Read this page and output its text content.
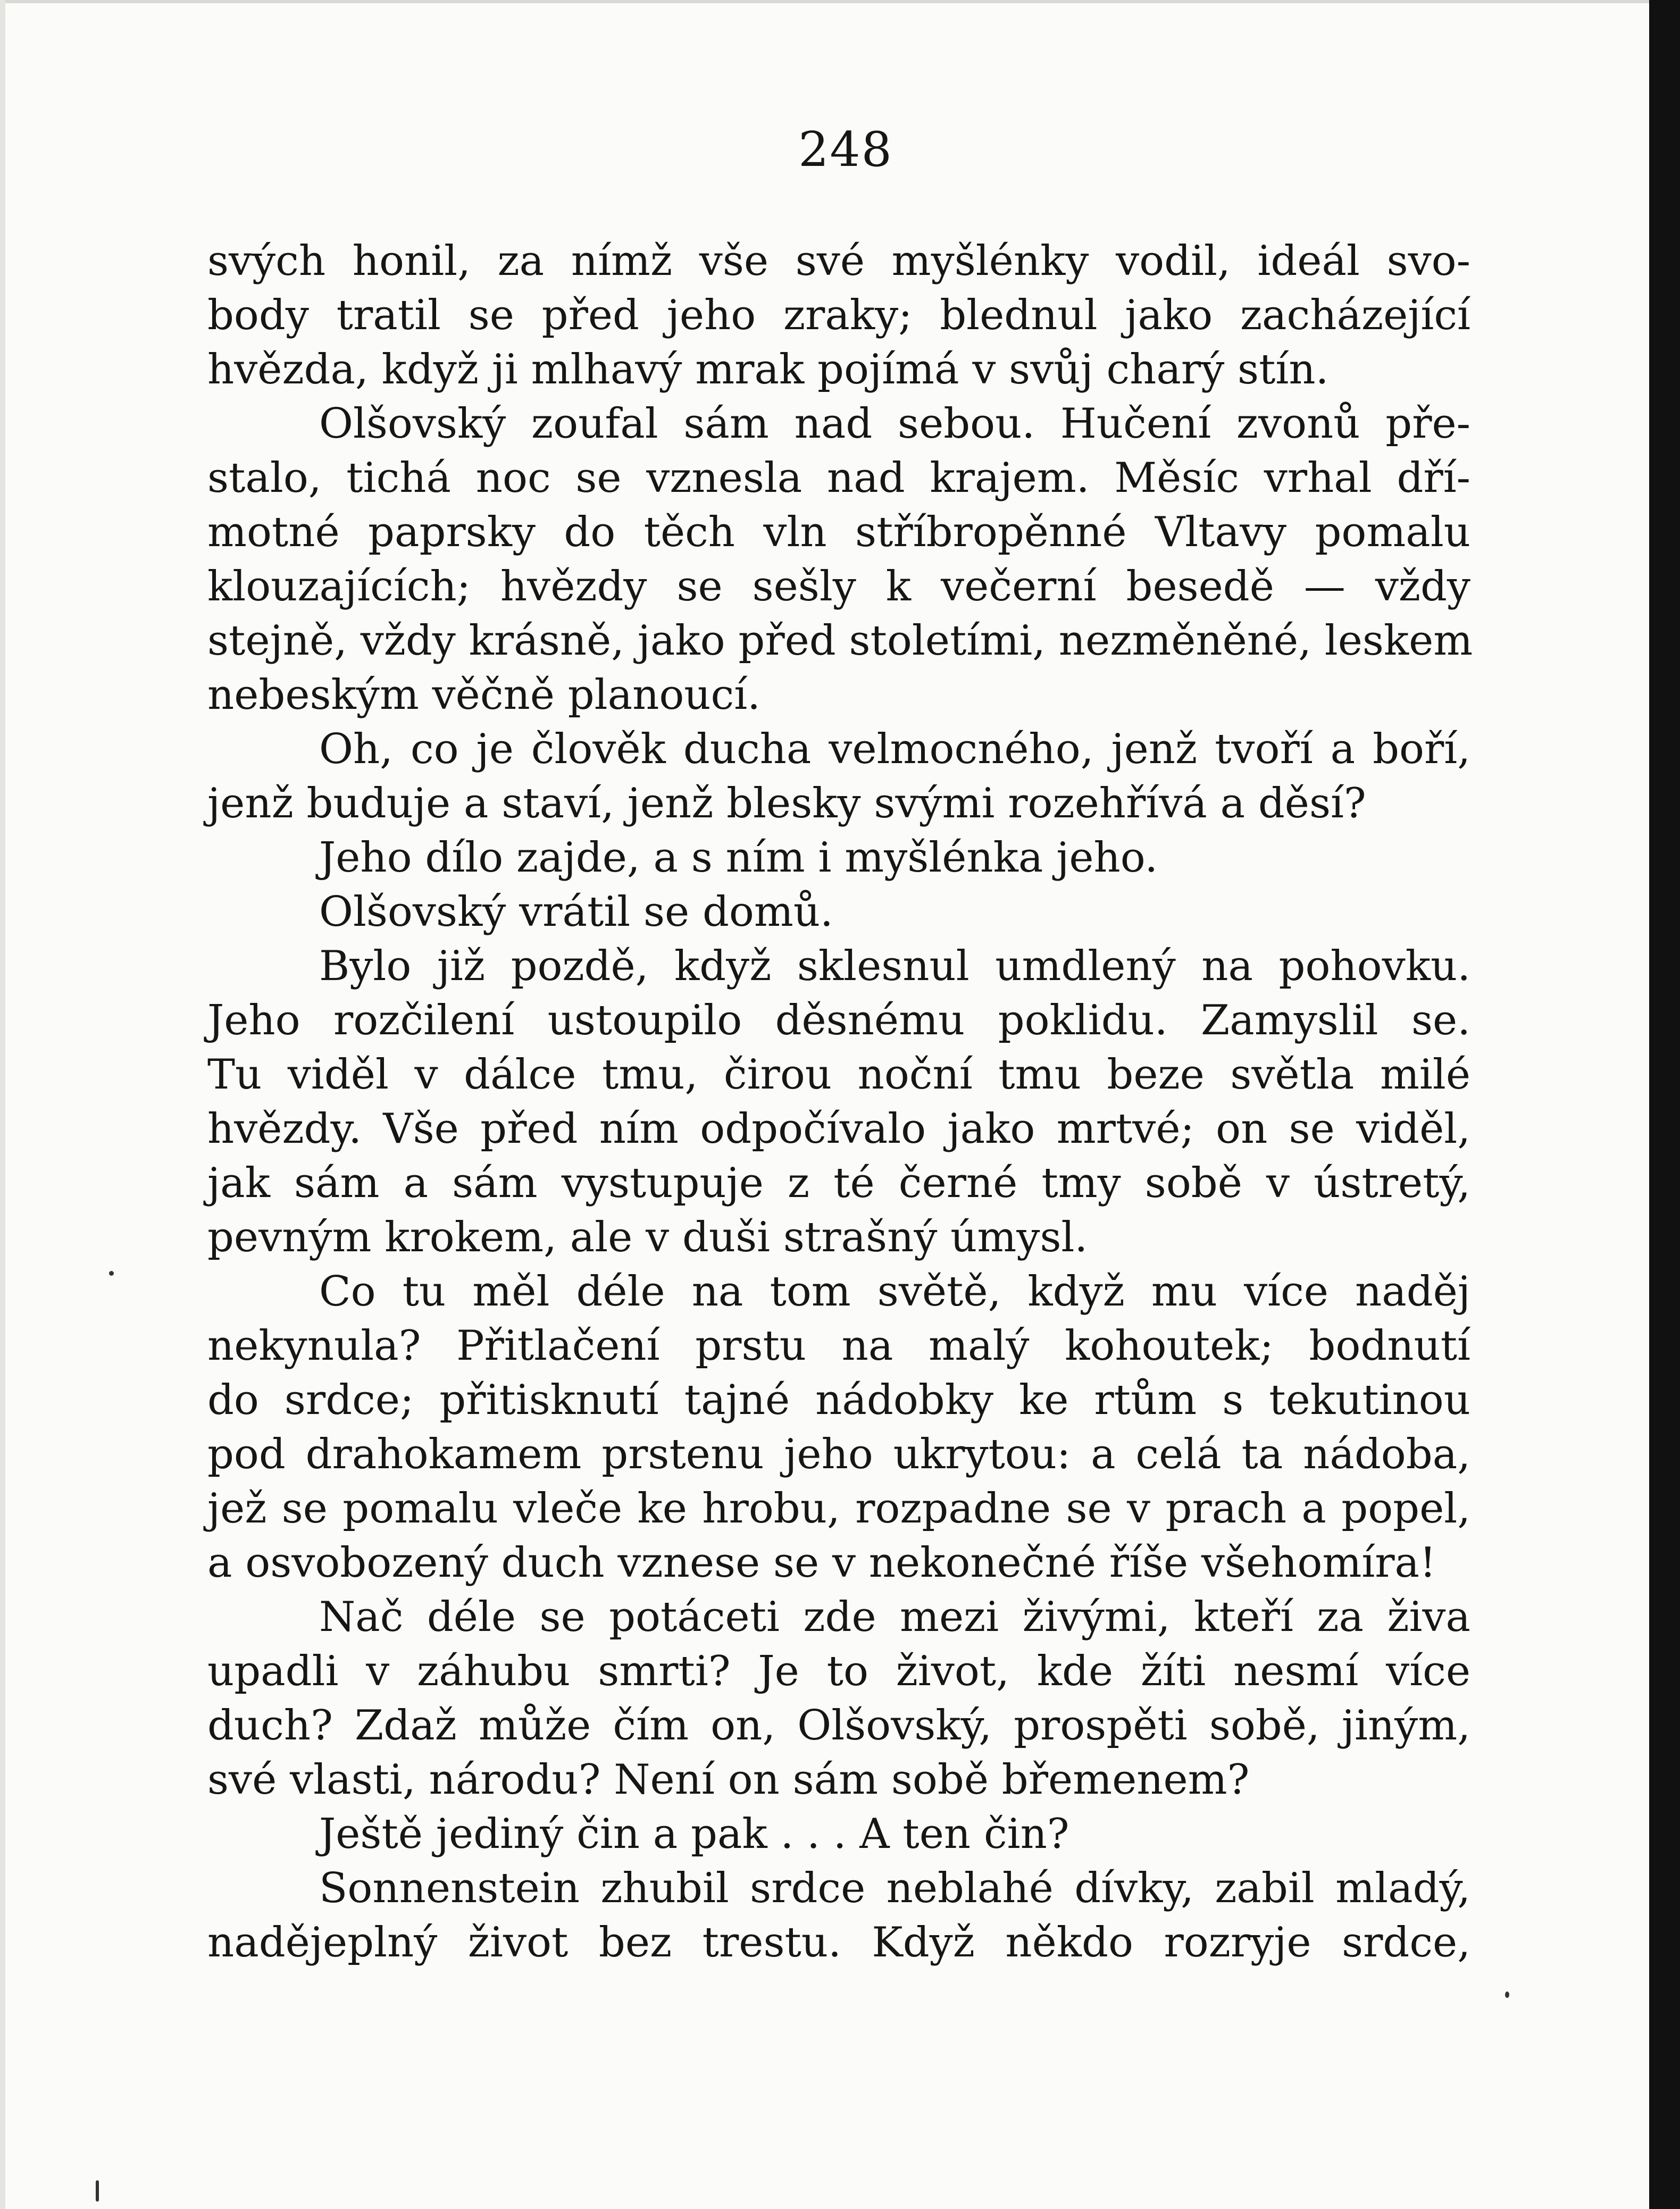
248
svých honil, za nímž vše své myšlénky vodil, ideál svo-
body tratil se před jeho zraky; blednul jako zacházející
hvězda, když ji mlhavý mrak pojímá v svůj charý stín.
Olšovský zoufal sám nad sebou. Hučení zvonů pře-
stalo, tichá noc se vznesla nad krajem. Měsíc vrhal dří-
motné paprsky do těch vln stříbropěnné Vltavy pomalu
klouzajících; hvězdy se sešly k večerní besedě — vždy
stejně, vždy krásně, jako před stoletími, nezměněné, leskem
nebeským věčně planoucí.
Oh, co je člověk ducha velmocného, jenž tvoří a boří,
jenž buduje a staví, jenž blesky svými rozehřívá a děsí?
Jeho dílo zajde, a s ním i myšlénka jeho.
Olšovský vrátil se domů.
Bylo již pozdě, když sklesnul umdlený na pohovku.
Jeho rozčilení ustoupilo děsnému poklidu. Zamyslil se.
Tu viděl v dálce tmu, čirou noční tmu beze světla milé
hvězdy. Vše před ním odpočívalo jako mrtvé; on se viděl,
jak sám a sám vystupuje z té černé tmy sobě v ústretý,
pevným krokem, ale v duši strašný úmysl.
Co tu měl déle na tom světě, když mu více naděj
nekynula? Přitlačení prstu na malý kohoutek; bodnutí
do srdce; přitisknutí tajné nádobky ke rtům s tekutinou
pod drahokamem prstenu jeho ukrytou: a celá ta nádoba,
jež se pomalu vleče ke hrobu, rozpadne se v prach a popel,
a osvobozený duch vznese se v nekonečné říše všehomíra!
Nač déle se potáceti zde mezi živými, kteří za živa
upadli v záhubu smrti? Je to život, kde žíti nesmí více
duch? Zdaž může čím on, Olšovský, prospěti sobě, jiným,
své vlasti, národu? Není on sám sobě břemenem?
Ještě jediný čin a pak . . . A ten čin?
Sonnenstein zhubil srdce neblahé dívky, zabil mladý,
nadějeplný život bez trestu. Když někdo rozryje srdce,
